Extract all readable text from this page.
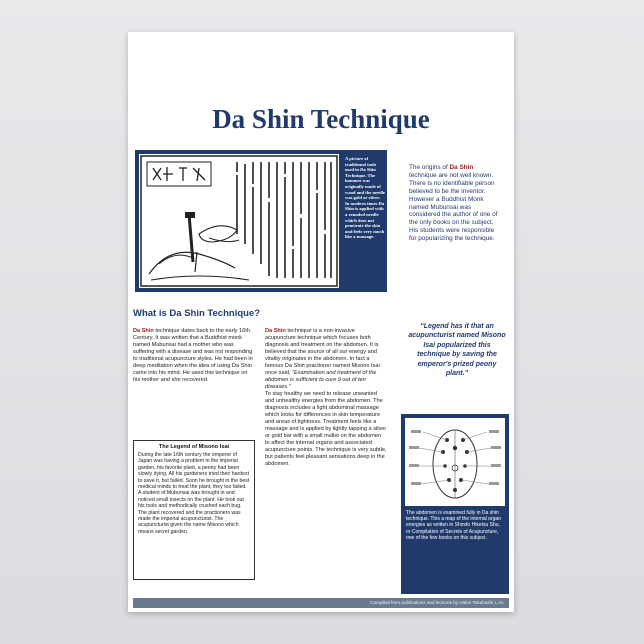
Da Shin Technique
A picture of traditional tools used in Da Shin Technique. The hammer was originally made of wood and the needle was gold or silver. In modern times Da Shin is applied with a rounded needle which does not penetrate the skin and feels very much like a massage.
The origins of Da Shin technique are not well known. There is no identifiable person believed to be the inventor. However a Buddhist Monk named Mubunsai was considered the author of one of the only books on the subject. His students were responsible for popularizing the technique.
What is Da Shin Technique?
Da Shin technique dates back to the early 16th Century. It was written that a Buddhist monk named Mubunsai had a mother who was suffering with a disease and was not responding to traditional acupuncture styles. He had been in deep meditation when the idea of using Da Shin came into his mind. He used this technique on his mother and she recovered.
Da Shin technique is a non-invasive acupuncture technique which focuses both diagnosis and treatment on the abdomen. It is believed that the source of all our energy and vitality originates in the abdomen. In fact a famous Da Shin practioner named Misono Isai once said, “Examination and treatment of the abdomen is sufficient to cure 9 out of ten diseases.”
To stay healthy we need to release unwanted and unhealthy energies from the abdomen. The diagnosis includes a light abdominal massage which looks for differences in skin temperature and areas of tightness. Treatment feels like a massage and is applied by lightly tapping a silver or gold bar with a small mallet on the abdomen to affect the internal organs and associated acupuncture points. The technique is very subtle, but patients feel pleasant sensations deep in the abdomen.
The Legend of Misono Isai
During the late 16th century the emperor of Japan was having a problem in the imperial garden, his favorite plant, a peony had been slowly dying. All his gardeners tried their hardest to save it, but failed. Soon he brought in the best medical minds to treat the plant, they too failed. A student of Mubunsai was brought in and noticed small insects on the plant. He took out his tools and methodically crushed each bug. The plant recovered and the practioners was made the imperial acupuncturist. The acupuncturist given the name Misono which means secret garden.
“Legend has it that an acupuncturist named Misono Isai popularized this technique by saving the emperor's prized peony plant.”
The abdomen is examined fully in Da shin technique. This a map of the internal organ energies as written in Shindo Hiketsu Shu, or Compilation of Secrets of Acupuncture, one of the few books on this subject.
Compiled from publications and lectures by Hideo Takahashi L.Ac.
